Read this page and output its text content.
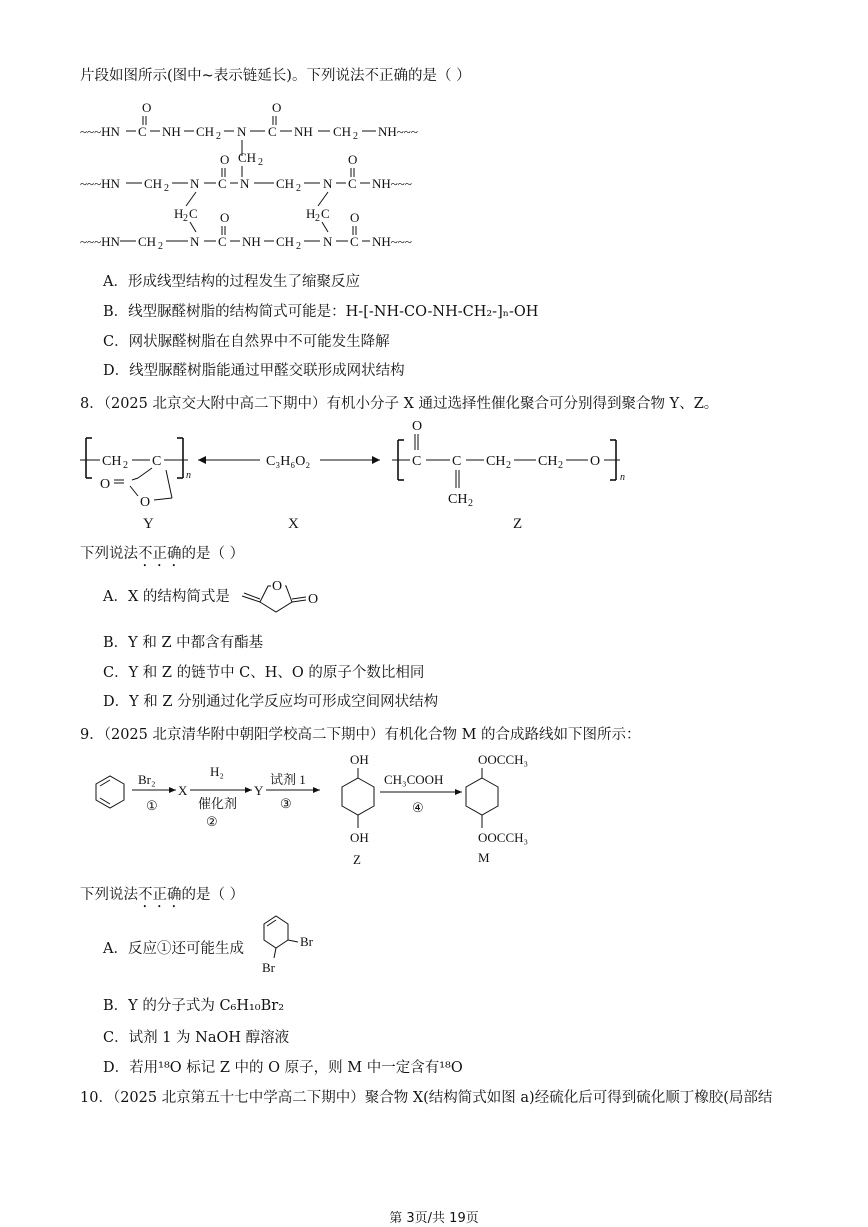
片段如图所示(图中~表示链延长)。下列说法不正确的是（ ）
~~~HN C
O
NH CH 2 N C
O
NH CH 2 NH~~~
CH 2
~~~HN CH 2 N C
O
N CH 2 N C
O
NH~~~
H 2 C	H 2 C
~~~HN CH 2 N C
O
NH CH 2 N C
O
NH~~~
A．形成线型结构的过程发生了缩聚反应
B．线型脲醛树脂的结构简式可能是：H-[-NH-CO-NH-CH₂-]ₙ-OH
C．网状脲醛树脂在自然界中不可能发生降解
D．线型脲醛树脂能通过甲醛交联形成网状结构
8．（2025 北京交大附中高二下期中）有机小分子 X 通过选择性催化聚合可分别得到聚合物 Y、Z。
CH 2 C
n
O
O
C₃H₆O₂	C
O
C
CH 2
CH 2 CH 2 O
n
Y	X	Z
下列说法不正确的是（ ）
A．X 的结构简式是
O
O
B．Y 和 Z 中都含有酯基
C．Y 和 Z 的链节中 C、H、O 的原子个数比相同
D．Y 和 Z 分别通过化学反应均可形成空间网状结构
9．（2025 北京清华附中朝阳学校高二下期中）有机化合物 M 的合成路线如下图所示：
Br₂
①
X
H₂
催化剂
②
Y
试剂 1
③
OH
OH
Z
CH₃COOH
④
OOCCH₃
OOCCH₃
M
下列说法不正确的是（ ）
A．反应①还可能生成	Br
Br
B．Y 的分子式为 C₆H₁₀Br₂
C．试剂 1 为 NaOH 醇溶液
D．若用¹⁸O 标记 Z 中的 O 原子，则 M 中一定含有¹⁸O
10．（2025 北京第五十七中学高二下期中）聚合物 X(结构简式如图 a)经硫化后可得到硫化顺丁橡胶(局部结
第 3页/共 19页
